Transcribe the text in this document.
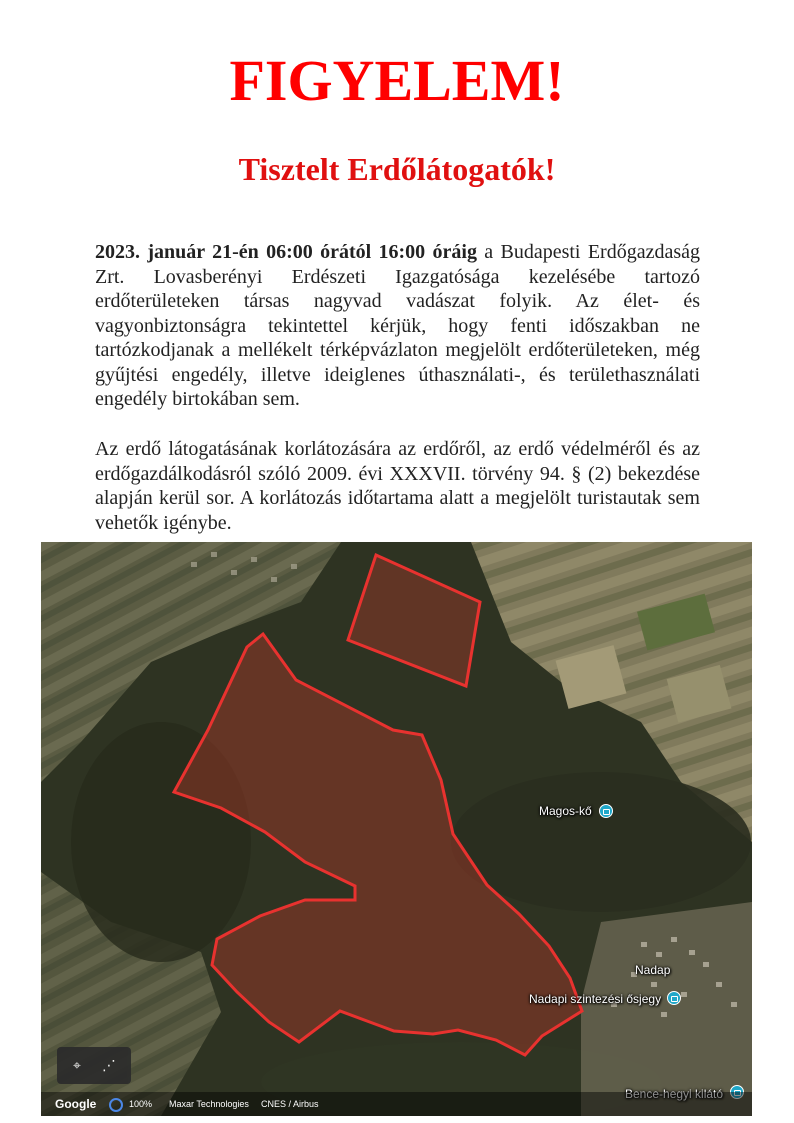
FIGYELEM!
Tisztelt Erdőlátogatók!

2023. január 21-én 06:00 órától 16:00 óráig a Budapesti Erdőgazdaság Zrt. Lovasberényi Erdészeti Igazgatósága kezelésébe tartozó erdőterületeken társas nagyvad vadászat folyik. Az élet- és vagyonbiztonságra tekintettel kérjük, hogy fenti időszakban ne tartózkodjanak a mellékelt térképvázlaton megjelölt erdőterületeken, még gyűjtési engedély, illetve ideiglenes úthasználati-, és területhasználati engedély birtokában sem.

Az erdő látogatásának korlátozására az erdőről, az erdő védelméről és az erdőgazdálkodásról szóló 2009. évi XXXVII. törvény 94. § (2) bekezdése alapján kerül sor. A korlátozás időtartama alatt a megjelölt turistautak sem vehetők igénybe.

Magos-kő
Nadap
Nadapi szintezési ősjegy
Bence-hegyi kilátó
⌖	⋰
Google	100% Maxar Technologies CNES / Airbus
